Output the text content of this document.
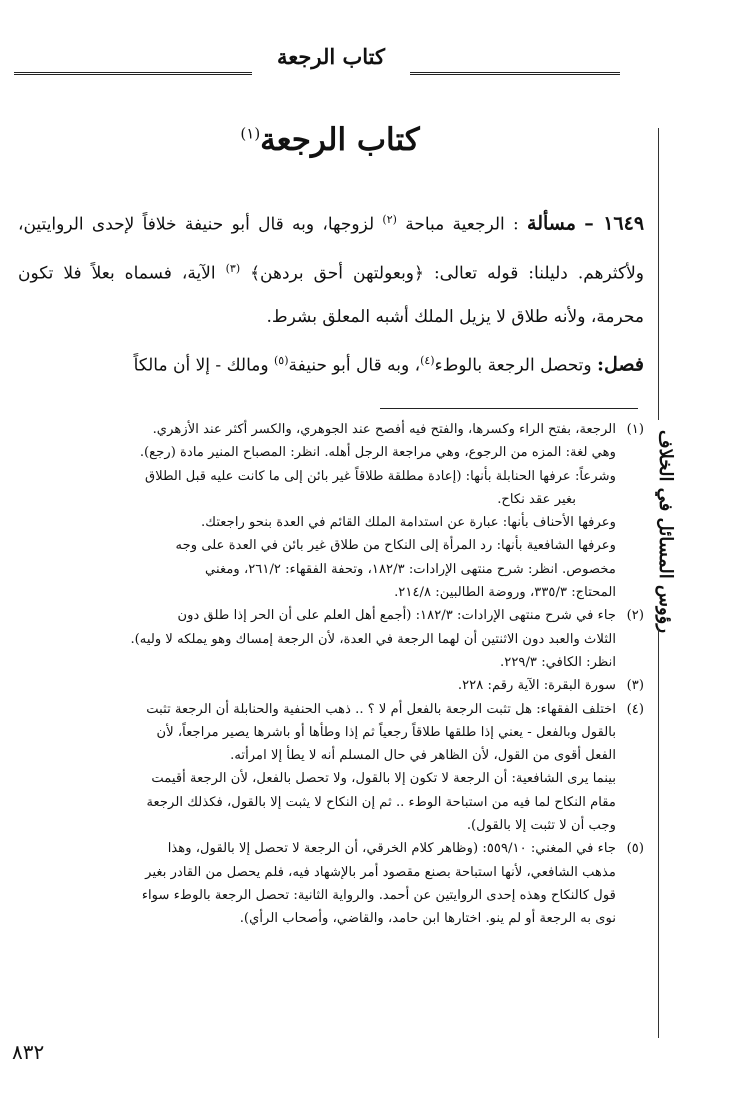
كتاب الرجعة
رؤوس المسائل في الخلاف
كتاب الرجعة$^{(١)}$

١٦٤٩ – مسألة : الرجعية مباحة $^{(٢)}$ لزوجها، وبه قال أبو حنيفة خلافاً لإحدى الروايتين، ولأكثرهم. دليلنا: قوله تعالى: ﴿وبعولتهن أحق بردهن﴾ $^{(٣)}$ الآية، فسماه بعلاً فلا تكون محرمة، ولأنه طلاق لا يزيل الملك أشبه المعلق بشرط.

فصل: وتحصل الرجعة بالوطء$^{(٤)}$، وبه قال أبو حنيفة$^{(٥)}$ ومالك - إلا أن مالكاً

(١)
الرجعة، بفتح الراء وكسرها، والفتح فيه أفصح عند الجوهري، والكسر أكثر عند الأزهري.
وهي لغة: المزه من الرجوع، وهي مراجعة الرجل أهله. انظر: المصباح المنير مادة (رجع).
وشرعاً: عرفها الحنابلة بأنها: (إعادة مطلقة طلاقاً غير بائن إلى ما كانت عليه قبل الطلاق
بغير عقد نكاح.
وعرفها الأحناف بأنها: عبارة عن استدامة الملك القائم في العدة بنحو راجعتك.
وعرفها الشافعية بأنها: رد المرأة إلى النكاح من طلاق غير بائن في العدة على وجه
مخصوص. انظر: شرح منتهى الإرادات: ١٨٢/٣، وتحفة الفقهاء: ٢٦١/٢، ومغني
المحتاج: ٣٣٥/٣، وروضة الطالبين: ٢١٤/٨.
(٢)
جاء في شرح منتهى الإرادات: ١٨٢/٣: (أجمع أهل العلم على أن الحر إذا طلق دون
الثلاث والعبد دون الاثنتين أن لهما الرجعة في العدة، لأن الرجعة إمساك وهو يملكه لا وليه).
انظر: الكافي: ٢٢٩/٣.
(٣)
سورة البقرة: الآية رقم: ٢٢٨.
(٤)
اختلف الفقهاء: هل تثبت الرجعة بالفعل أم لا ؟ .. ذهب الحنفية والحنابلة أن الرجعة تثبت
بالقول وبالفعل - يعني إذا طلقها طلاقاً رجعياً ثم إذا وطأها أو باشرها يصير مراجعاً، لأن
الفعل أقوى من القول، لأن الظاهر في حال المسلم أنه لا يطأ إلا امرأته.
بينما يرى الشافعية: أن الرجعة لا تكون إلا بالقول، ولا تحصل بالفعل، لأن الرجعة أقيمت
مقام النكاح لما فيه من استباحة الوطء .. ثم إن النكاح لا يثبت إلا بالقول، فكذلك الرجعة
وجب أن لا تثبت إلا بالقول).
(٥)
جاء في المغني: ٥٥٩/١٠: (وظاهر كلام الخرقي، أن الرجعة لا تحصل إلا بالقول، وهذا
مذهب الشافعي، لأنها استباحة بصنع مقصود أمر بالإشهاد فيه، فلم يحصل من القادر بغير
قول كالنكاح وهذه إحدى الروايتين عن أحمد. والرواية الثانية: تحصل الرجعة بالوطء سواء
نوى به الرجعة أو لم ينو. اختارها ابن حامد، والقاضي، وأصحاب الرأي).
٨٣٢
